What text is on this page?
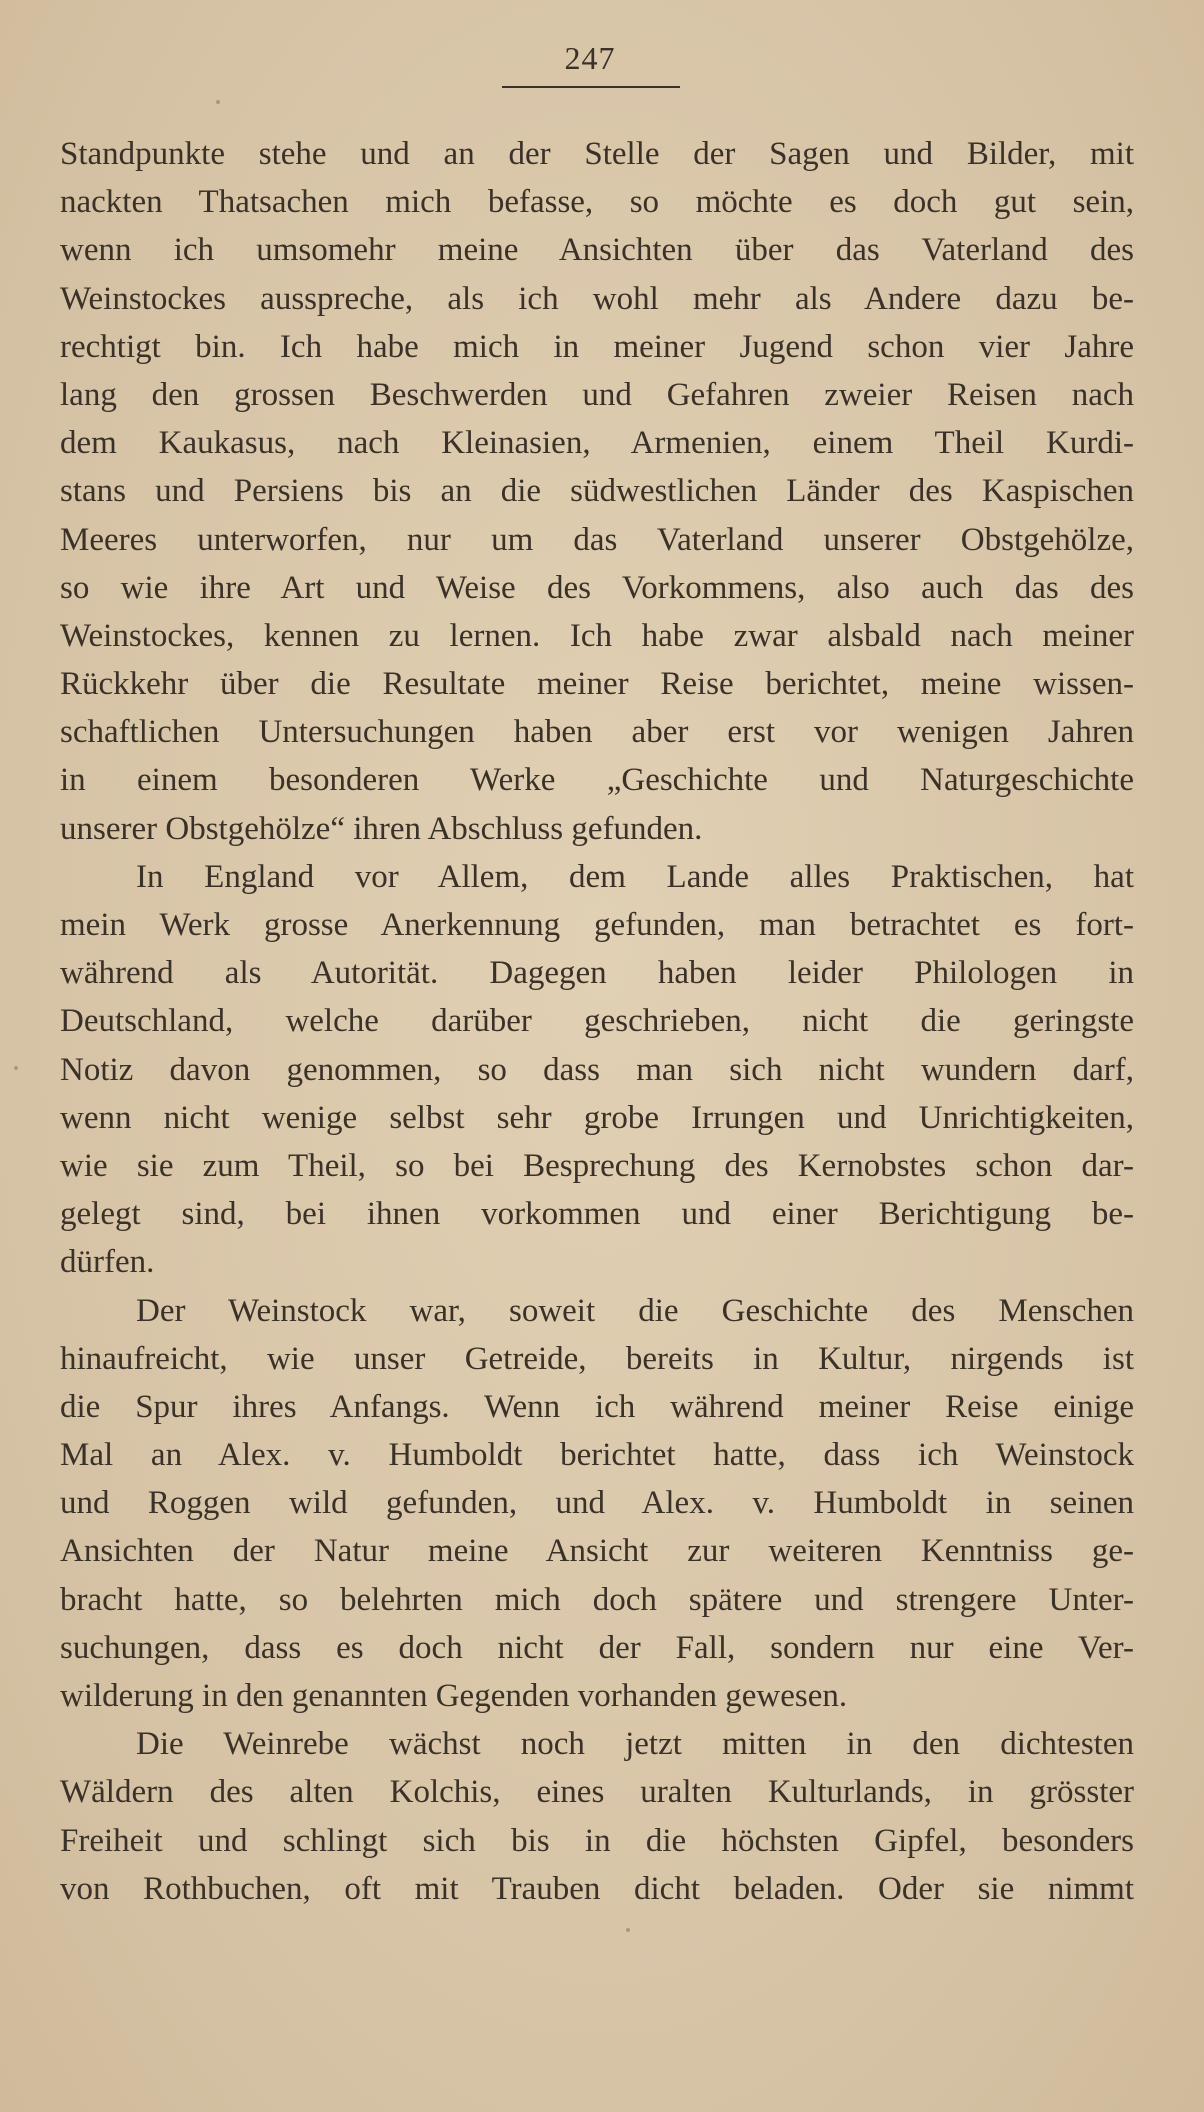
247
Standpunkte stehe und an der Stelle der Sagen und Bilder, mit
nackten Thatsachen mich befasse, so möchte es doch gut sein,
wenn ich umsomehr meine Ansichten über das Vaterland des
Weinstockes ausspreche, als ich wohl mehr als Andere dazu be-
rechtigt bin. Ich habe mich in meiner Jugend schon vier Jahre
lang den grossen Beschwerden und Gefahren zweier Reisen nach
dem Kaukasus, nach Kleinasien, Armenien, einem Theil Kurdi-
stans und Persiens bis an die südwestlichen Länder des Kaspischen
Meeres unterworfen, nur um das Vaterland unserer Obstgehölze,
so wie ihre Art und Weise des Vorkommens, also auch das des
Weinstockes, kennen zu lernen. Ich habe zwar alsbald nach meiner
Rückkehr über die Resultate meiner Reise berichtet, meine wissen-
schaftlichen Untersuchungen haben aber erst vor wenigen Jahren
in einem besonderen Werke „Geschichte und Naturgeschichte
unserer Obstgehölze“ ihren Abschluss gefunden.
In England vor Allem, dem Lande alles Praktischen, hat
mein Werk grosse Anerkennung gefunden, man betrachtet es fort-
während als Autorität. Dagegen haben leider Philologen in
Deutschland, welche darüber geschrieben, nicht die geringste
Notiz davon genommen, so dass man sich nicht wundern darf,
wenn nicht wenige selbst sehr grobe Irrungen und Unrichtigkeiten,
wie sie zum Theil, so bei Besprechung des Kernobstes schon dar-
gelegt sind, bei ihnen vorkommen und einer Berichtigung be-
dürfen.
Der Weinstock war, soweit die Geschichte des Menschen
hinaufreicht, wie unser Getreide, bereits in Kultur, nirgends ist
die Spur ihres Anfangs. Wenn ich während meiner Reise einige
Mal an Alex. v. Humboldt berichtet hatte, dass ich Weinstock
und Roggen wild gefunden, und Alex. v. Humboldt in seinen
Ansichten der Natur meine Ansicht zur weiteren Kenntniss ge-
bracht hatte, so belehrten mich doch spätere und strengere Unter-
suchungen, dass es doch nicht der Fall, sondern nur eine Ver-
wilderung in den genannten Gegenden vorhanden gewesen.
Die Weinrebe wächst noch jetzt mitten in den dichtesten
Wäldern des alten Kolchis, eines uralten Kulturlands, in grösster
Freiheit und schlingt sich bis in die höchsten Gipfel, besonders
von Rothbuchen, oft mit Trauben dicht beladen. Oder sie nimmt
